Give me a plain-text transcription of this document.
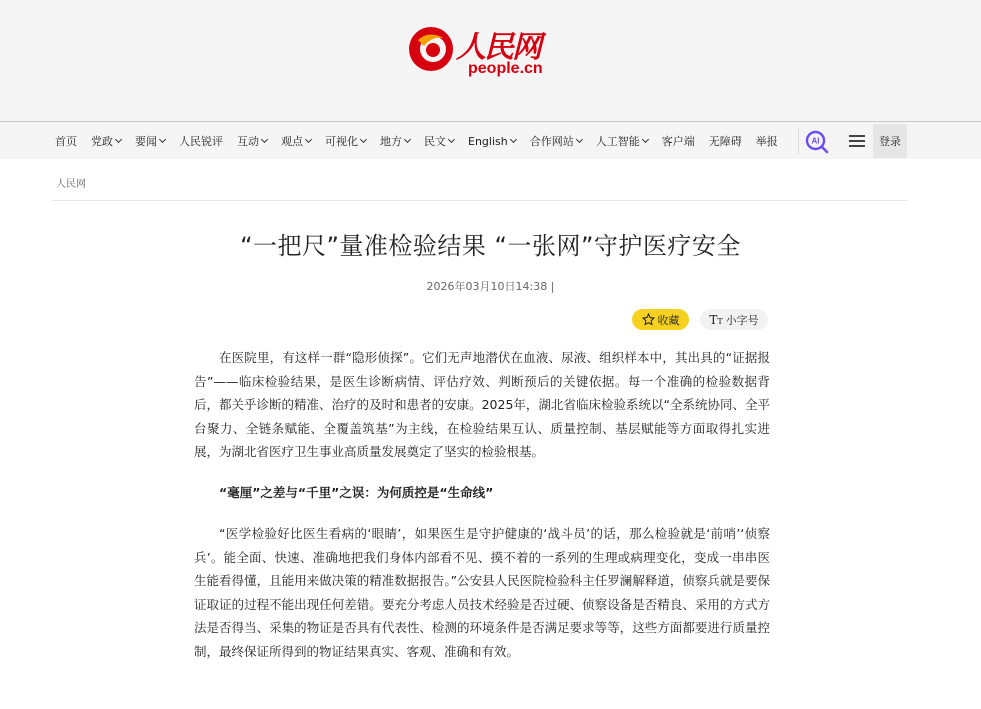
人民网
people.cn
首页 党政 要闻 人民锐评 互动 观点 可视化 地方 民文 English 合作网站 人工智能 客户端 无障碍 举报	AI	登录
人民网
“一把尺”量准检验结果 “一张网”守护医疗安全
2026年03月10日14:38 |
收藏 TT 小字号

在医院里，有这样一群“隐形侦探”。它们无声地潜伏在血液、尿液、组织样本中，其出具的“证据报告”——临床检验结果，是医生诊断病情、评估疗效、判断预后的关键依据。每一个准确的检验数据背后，都关乎诊断的精准、治疗的及时和患者的安康。2025年，湖北省临床检验系统以“全系统协同、全平台聚力、全链条赋能、全覆盖筑基”为主线，在检验结果互认、质量控制、基层赋能等方面取得扎实进展，为湖北省医疗卫生事业高质量发展奠定了坚实的检验根基。

“毫厘”之差与“千里”之误：为何质控是“生命线”

“医学检验好比医生看病的‘眼睛’，如果医生是守护健康的‘战斗员’的话，那么检验就是‘前哨’‘侦察兵’。能全面、快速、准确地把我们身体内部看不见、摸不着的一系列的生理或病理变化，变成一串串医生能看得懂，且能用来做决策的精准数据报告。”公安县人民医院检验科主任罗澜解释道，侦察兵就是要保证取证的过程不能出现任何差错。要充分考虑人员技术经验是否过硬、侦察设备是否精良、采用的方式方法是否得当、采集的物证是否具有代表性、检测的环境条件是否满足要求等等，这些方面都要进行质量控制，最终保证所得到的物证结果真实、客观、准确和有效。
